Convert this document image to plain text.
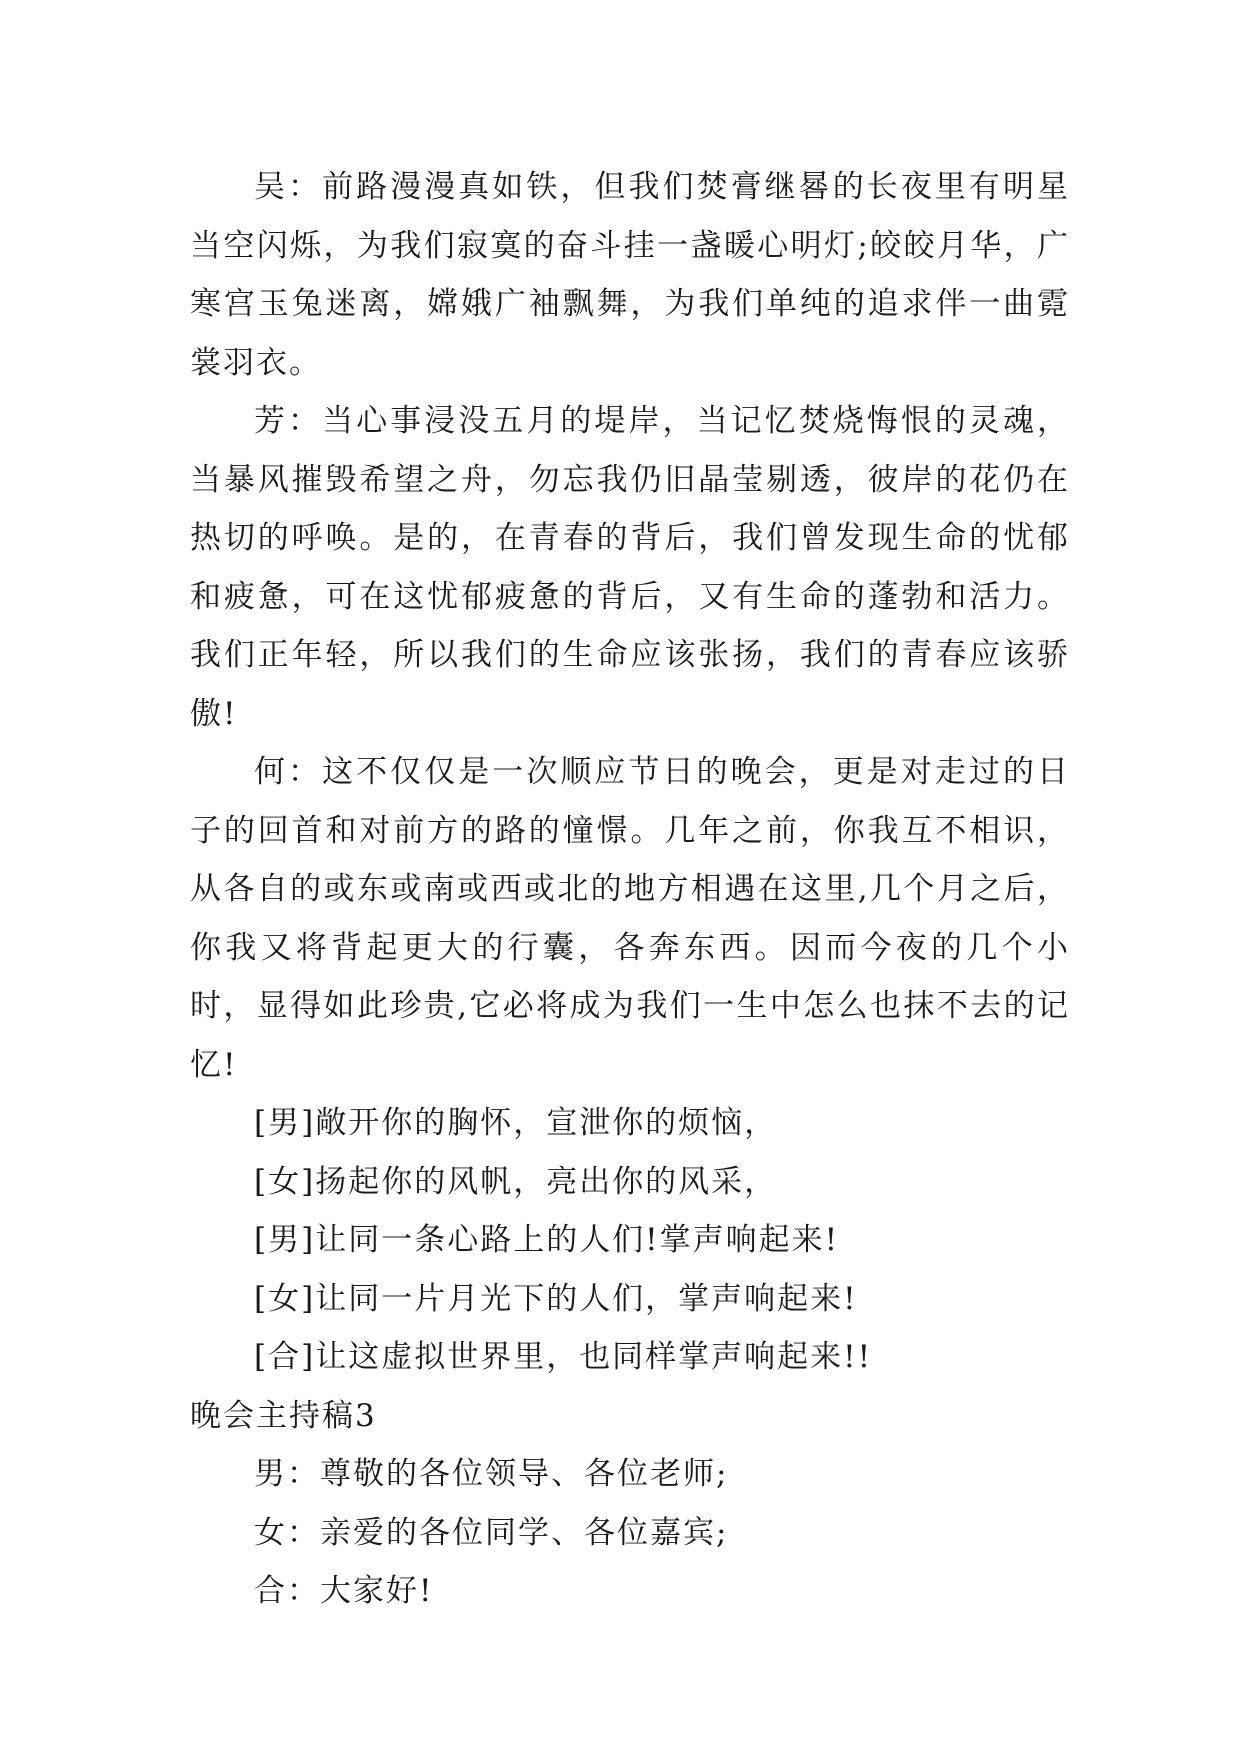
吴：前路漫漫真如铁，但我们焚膏继晷的长夜里有明星当空闪烁，为我们寂寞的奋斗挂一盏暖心明灯;皎皎月华，广寒宫玉兔迷离，嫦娥广袖飘舞，为我们单纯的追求伴一曲霓裳羽衣。

芳：当心事浸没五月的堤岸，当记忆焚烧悔恨的灵魂，当暴风摧毁希望之舟，勿忘我仍旧晶莹剔透，彼岸的花仍在热切的呼唤。是的，在青春的背后，我们曾发现生命的忧郁和疲惫，可在这忧郁疲惫的背后，又有生命的蓬勃和活力。我们正年轻，所以我们的生命应该张扬，我们的青春应该骄傲!

何：这不仅仅是一次顺应节日的晚会，更是对走过的日子的回首和对前方的路的憧憬。几年之前，你我互不相识，从各自的或东或南或西或北的地方相遇在这里,几个月之后，你我又将背起更大的行囊，各奔东西。因而今夜的几个小时，显得如此珍贵,它必将成为我们一生中怎么也抹不去的记忆!

[男]敞开你的胸怀，宣泄你的烦恼，

[女]扬起你的风帆，亮出你的风采，

[男]让同一条心路上的人们!掌声响起来!

[女]让同一片月光下的人们，掌声响起来!

[合]让这虚拟世界里，也同样掌声响起来!!

晚会主持稿3

男：尊敬的各位领导、各位老师;

女：亲爱的各位同学、各位嘉宾;

合：大家好!
